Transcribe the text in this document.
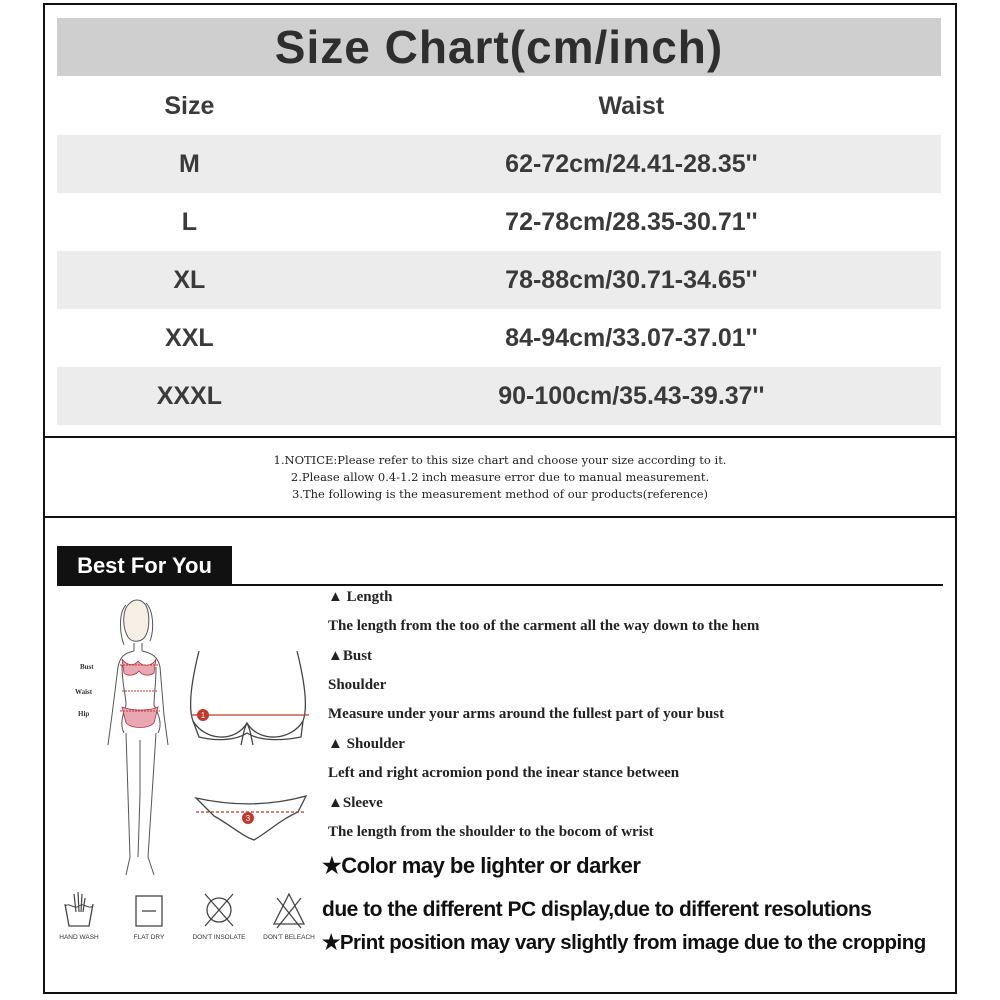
Size Chart(cm/inch)
Size	Waist
M	62-72cm/24.41-28.35''
L	72-78cm/28.35-30.71''
XL	78-88cm/30.71-34.65''
XXL	84-94cm/33.07-37.01''
XXXL	90-100cm/35.43-39.37''
1.NOTICE:Please refer to this size chart and choose your size according to it.
2.Please allow 0.4-1.2 inch measure error due to manual measurement.
3.The following is the measurement method of our products(reference)
Best For You
Bust
Waist
Hip	1
3
▲ Length
The length from the too of the carment all the way down to the hem
▲Bust
Shoulder
Measure under your arms around the fullest part of your bust
▲ Shoulder
Left and right acromion pond the inear stance between
▲Sleeve
The length from the shoulder to the bocom of wrist
★Color may be lighter or darker
due to the different PC display,due to different resolutions
★Print position may vary slightly from image due to the cropping
HAND WASH	FLAT DRY	DON'T INSOLATE	DON'T BELEACH
